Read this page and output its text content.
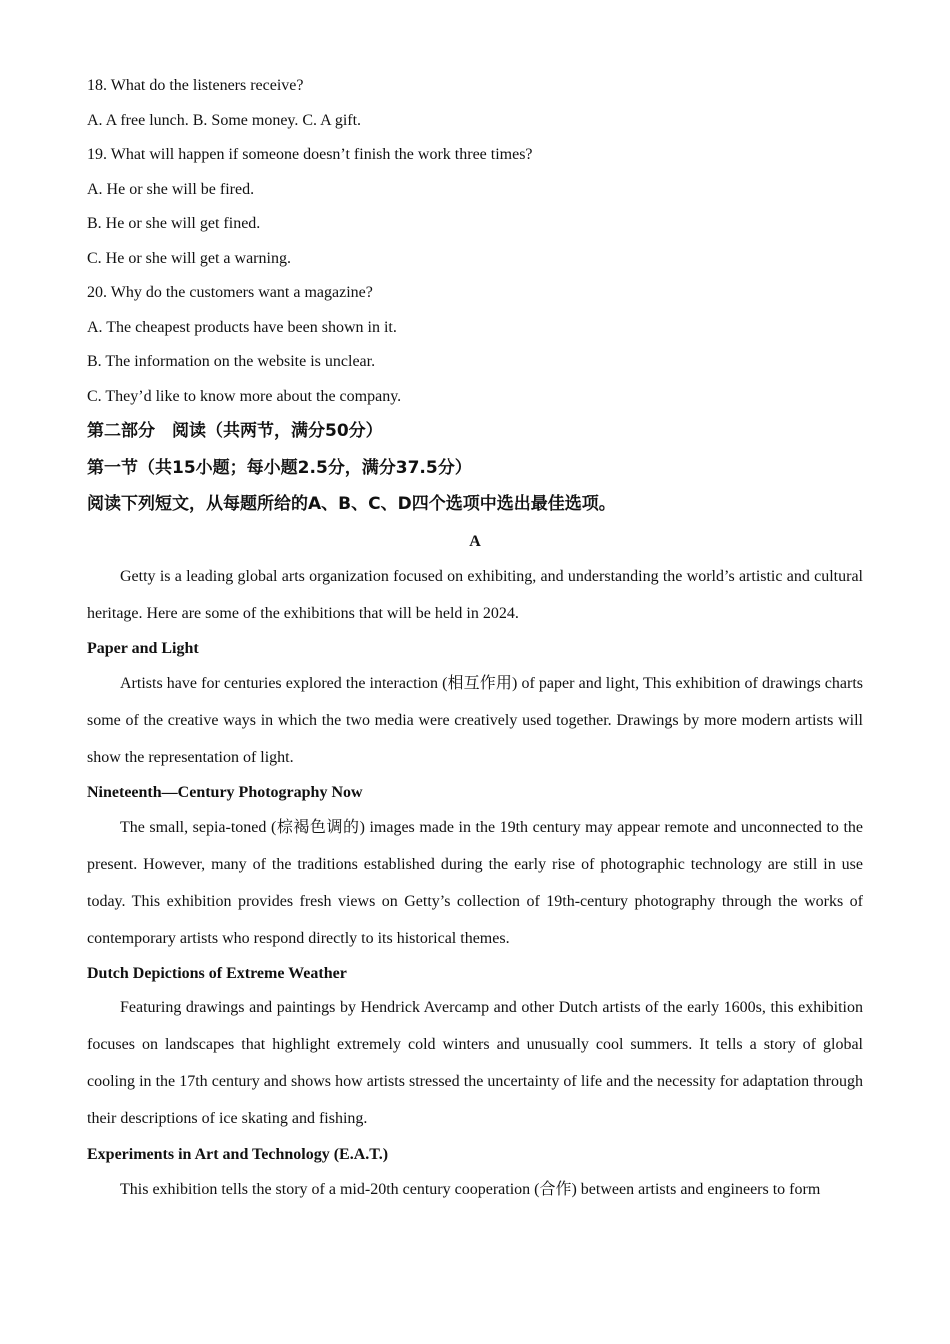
18. What do the listeners receive?
A. A free lunch. B. Some money. C. A gift.
19. What will happen if someone doesn’t finish the work three times?
A. He or she will be fired.
B. He or she will get fined.
C. He or she will get a warning.
20. Why do the customers want a magazine?
A. The cheapest products have been shown in it.
B. The information on the website is unclear.
C. They’d like to know more about the company.
第二部分　阅读（共两节，满分50分）
第一节（共15小题；每小题2.5分，满分37.5分）
阅读下列短文，从每题所给的A、B、C、D四个选项中选出最佳选项。
A
Getty is a leading global arts organization focused on exhibiting, and understanding the world’s artistic and cultural heritage. Here are some of the exhibitions that will be held in 2024.
Paper and Light
Artists have for centuries explored the interaction (相互作用) of paper and light, This exhibition of drawings charts some of the creative ways in which the two media were creatively used together. Drawings by more modern artists will show the representation of light.
Nineteenth—Century Photography Now
The small, sepia-toned (棕褐色调的) images made in the 19th century may appear remote and unconnected to the present. However, many of the traditions established during the early rise of photographic technology are still in use today. This exhibition provides fresh views on Getty’s collection of 19th-century photography through the works of contemporary artists who respond directly to its historical themes.
Dutch Depictions of Extreme Weather
Featuring drawings and paintings by Hendrick Avercamp and other Dutch artists of the early 1600s, this exhibition focuses on landscapes that highlight extremely cold winters and unusually cool summers. It tells a story of global cooling in the 17th century and shows how artists stressed the uncertainty of life and the necessity for adaptation through their descriptions of ice skating and fishing.
Experiments in Art and Technology (E.A.T.)
This exhibition tells the story of a mid-20th century cooperation (合作) between artists and engineers to form
